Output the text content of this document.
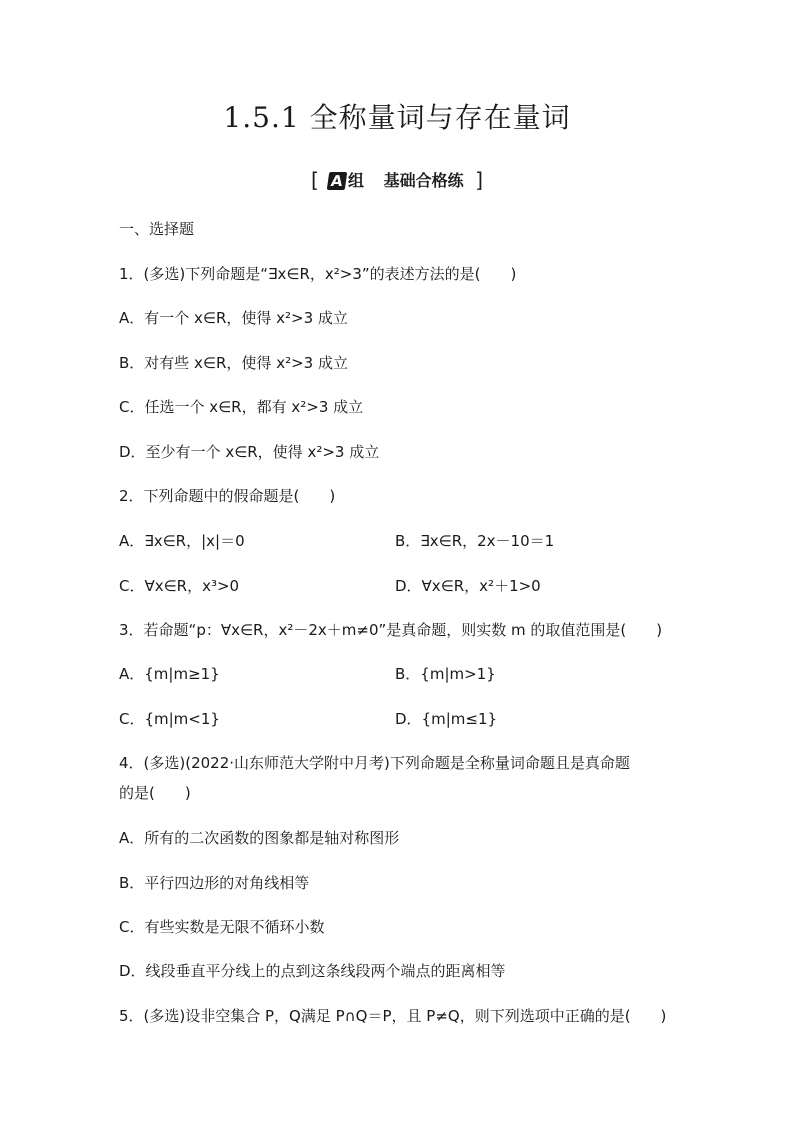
1.5.1 全称量词与存在量词
[ A 组 基础合格练 ]
一、选择题
1．(多选)下列命题是“∃x∈R，x²>3”的表述方法的是(　　)
A．有一个 x∈R，使得 x²>3 成立
B．对有些 x∈R，使得 x²>3 成立
C．任选一个 x∈R，都有 x²>3 成立
D．至少有一个 x∈R，使得 x²>3 成立
2．下列命题中的假命题是(　　)
A．∃x∈R，|x|＝0	B．∃x∈R，2x－10＝1
C．∀x∈R，x³>0	D．∀x∈R，x²＋1>0
3．若命题“p：∀x∈R，x²－2x＋m≠0”是真命题，则实数 m 的取值范围是(　　)
A．{m|m≥1}	B．{m|m>1}
C．{m|m<1}	D．{m|m≤1}
4．(多选)(2022·山东师范大学附中月考)下列命题是全称量词命题且是真命题
的是(　　)
A．所有的二次函数的图象都是轴对称图形
B．平行四边形的对角线相等
C．有些实数是无限不循环小数
D．线段垂直平分线上的点到这条线段两个端点的距离相等
5．(多选)设非空集合 P，Q满足 P∩Q＝P，且 P≠Q，则下列选项中正确的是(　　)
